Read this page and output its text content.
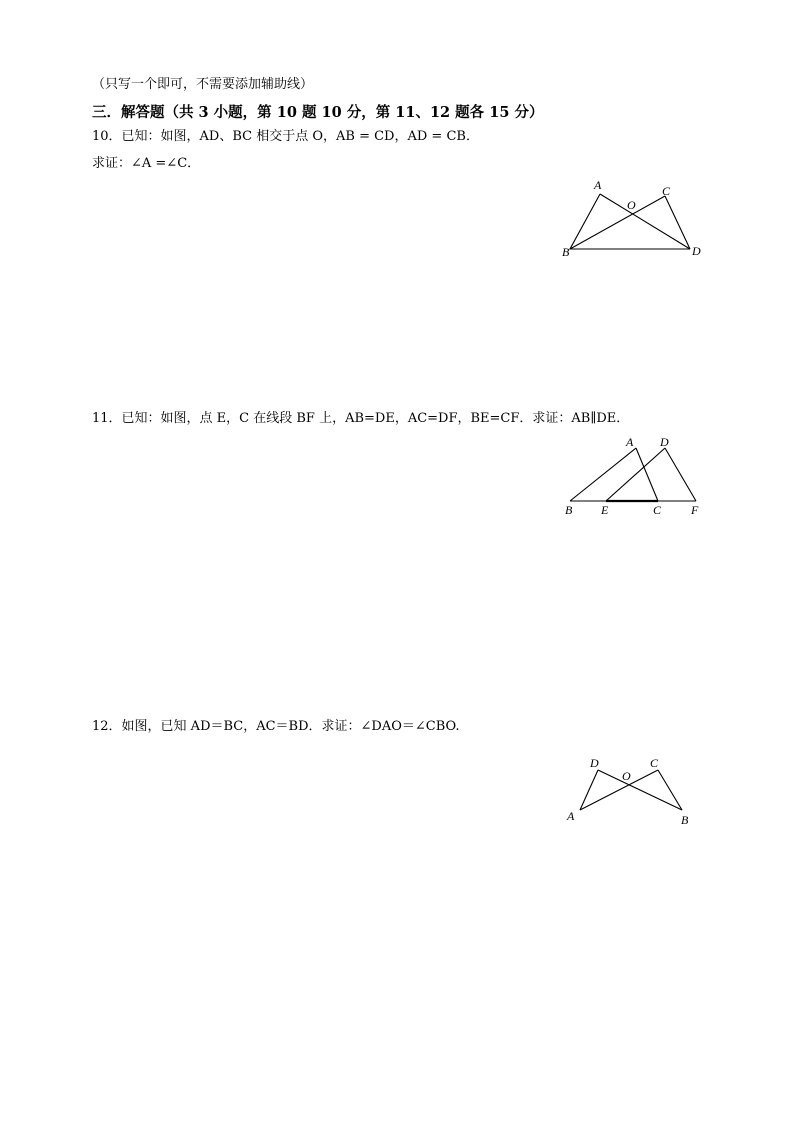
（只写一个即可，不需要添加辅助线）
三．解答题（共 3 小题，第 10 题 10 分，第 11、12 题各 15 分）
10．已知：如图，AD、BC 相交于点 O，AB = CD，AD = CB．
求证：∠A =∠C．
A	C
O
B	D
11．已知：如图，点 E，C 在线段 BF 上，AB=DE，AC=DF，BE=CF．求证：AB∥DE．
A D
B E	C F
12．如图，已知 AD＝BC，AC＝BD．求证：∠DAO＝∠CBO.
D
O
C
A	B
